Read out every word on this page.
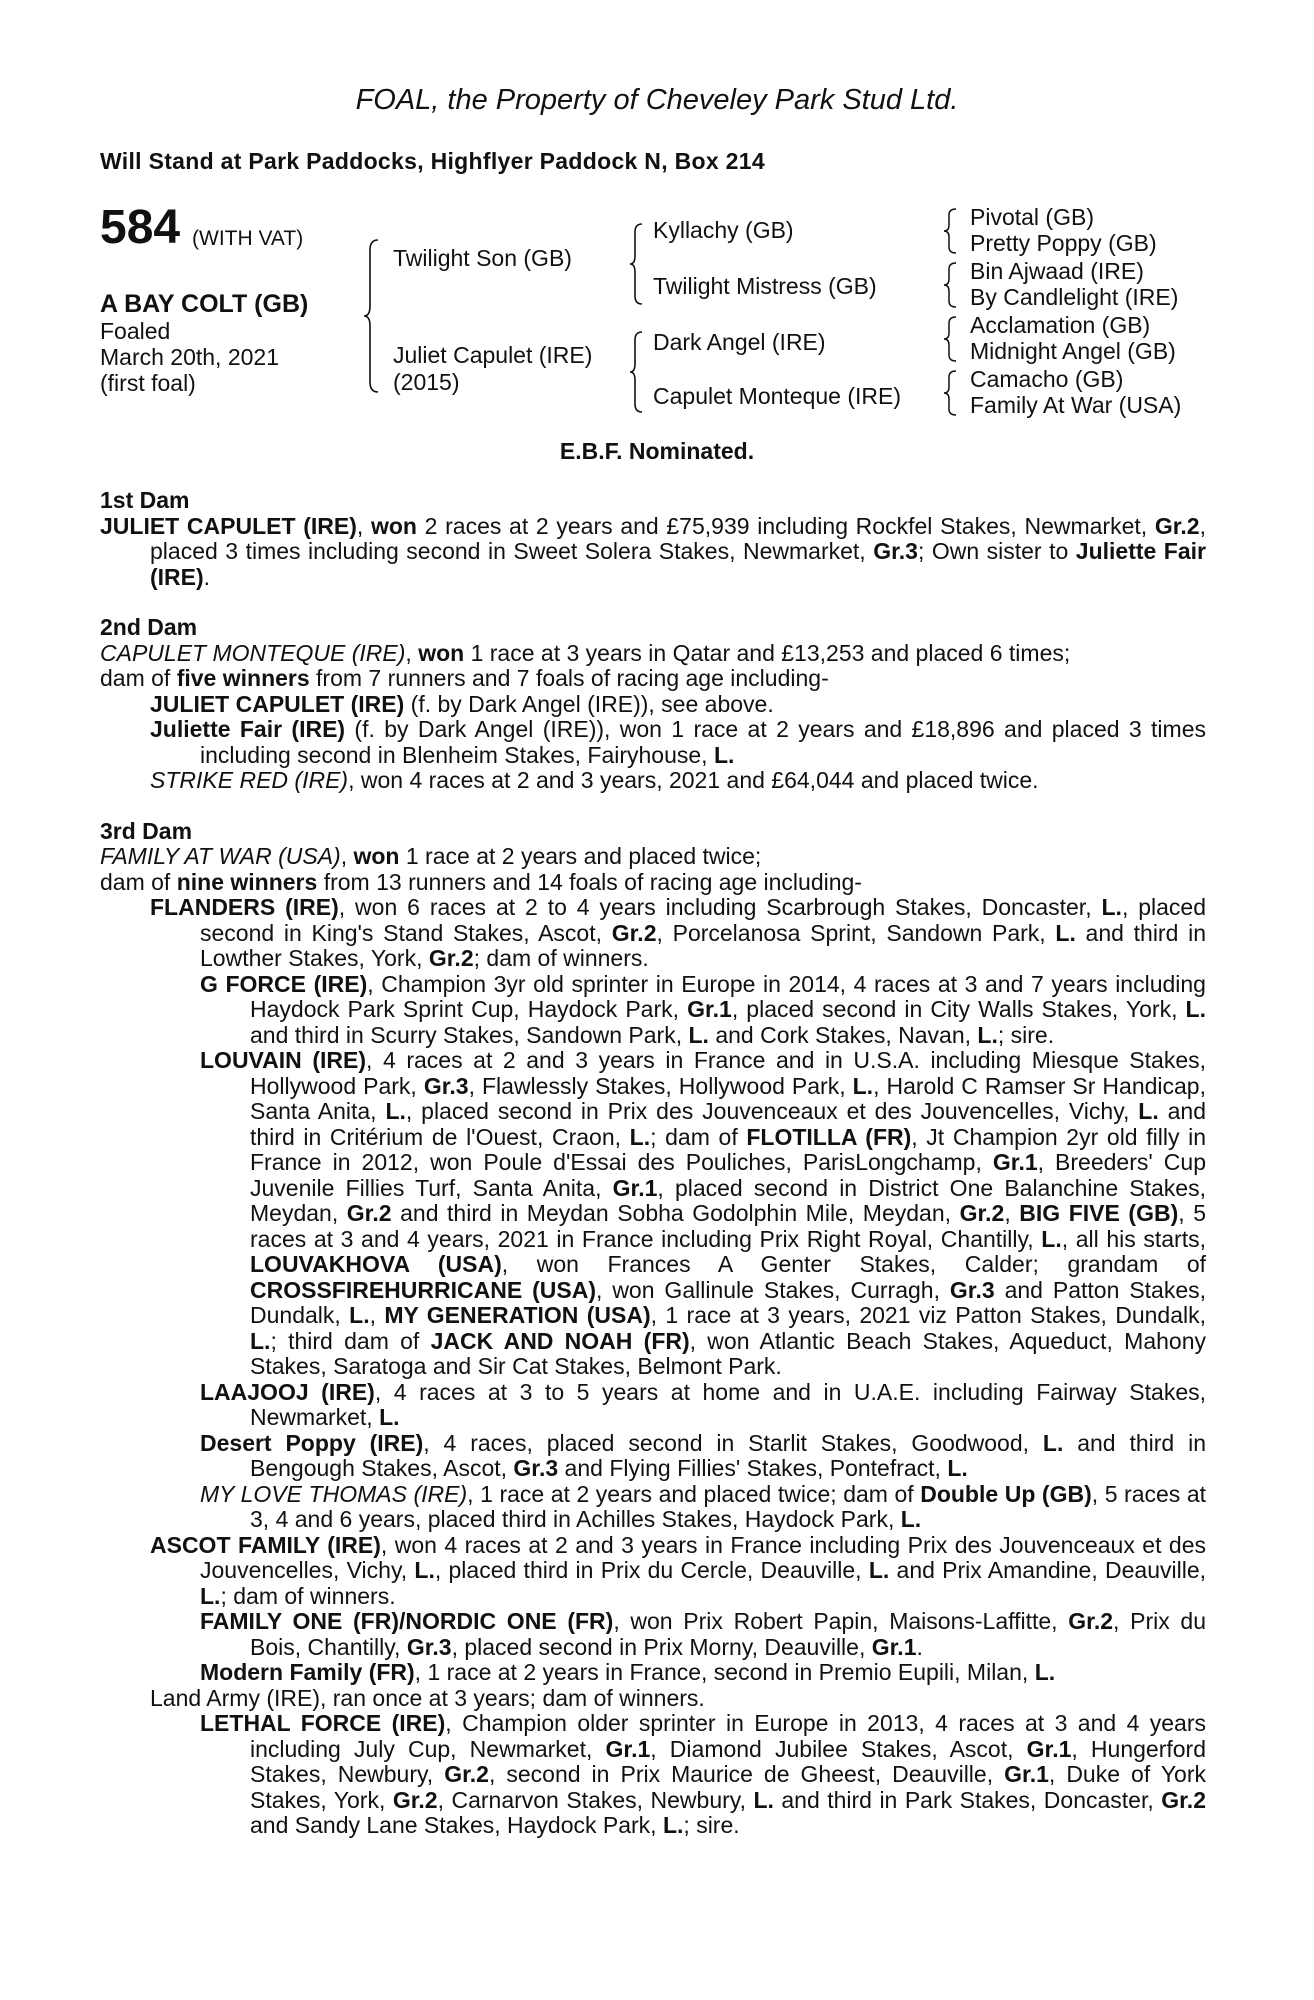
FOAL, the Property of Cheveley Park Stud Ltd.
Will Stand at Park Paddocks, Highflyer Paddock N, Box 214
584 (WITH VAT)
A BAY COLT (GB)
Foaled
March 20th, 2021
(first foal)
Twilight Son (GB)
Juliet Capulet (IRE)
(2015)
Kyllachy (GB)
Twilight Mistress (GB)
Dark Angel (IRE)
Capulet Monteque (IRE)
Pivotal (GB)
Pretty Poppy (GB)
Bin Ajwaad (IRE)
By Candlelight (IRE)
Acclamation (GB)
Midnight Angel (GB)
Camacho (GB)
Family At War (USA)
E.B.F. Nominated.

1st Dam

JULIET CAPULET (IRE), won 2 races at 2 years and £75,939 including Rockfel Stakes, Newmarket, Gr.2, placed 3 times including second in Sweet Solera Stakes, Newmarket, Gr.3; Own sister to Juliette Fair (IRE).

2nd Dam

CAPULET MONTEQUE (IRE), won 1 race at 3 years in Qatar and £13,253 and placed 6 times;

dam of five winners from 7 runners and 7 foals of racing age including-

JULIET CAPULET (IRE) (f. by Dark Angel (IRE)), see above.

Juliette Fair (IRE) (f. by Dark Angel (IRE)), won 1 race at 2 years and £18,896 and placed 3 times including second in Blenheim Stakes, Fairyhouse, L.

STRIKE RED (IRE), won 4 races at 2 and 3 years, 2021 and £64,044 and placed twice.

3rd Dam

FAMILY AT WAR (USA), won 1 race at 2 years and placed twice;

dam of nine winners from 13 runners and 14 foals of racing age including-

FLANDERS (IRE), won 6 races at 2 to 4 years including Scarbrough Stakes, Doncaster, L., placed second in King's Stand Stakes, Ascot, Gr.2, Porcelanosa Sprint, Sandown Park, L. and third in Lowther Stakes, York, Gr.2; dam of winners.

G FORCE (IRE), Champion 3yr old sprinter in Europe in 2014, 4 races at 3 and 7 years including Haydock Park Sprint Cup, Haydock Park, Gr.1, placed second in City Walls Stakes, York, L. and third in Scurry Stakes, Sandown Park, L. and Cork Stakes, Navan, L.; sire.

LOUVAIN (IRE), 4 races at 2 and 3 years in France and in U.S.A. including Miesque Stakes, Hollywood Park, Gr.3, Flawlessly Stakes, Hollywood Park, L., Harold C Ramser Sr Handicap, Santa Anita, L., placed second in Prix des Jouvenceaux et des Jouvencelles, Vichy, L. and third in Critérium de l'Ouest, Craon, L.; dam of FLOTILLA (FR), Jt Champion 2yr old filly in France in 2012, won Poule d'Essai des Pouliches, ParisLongchamp, Gr.1, Breeders' Cup Juvenile Fillies Turf, Santa Anita, Gr.1, placed second in District One Balanchine Stakes, Meydan, Gr.2 and third in Meydan Sobha Godolphin Mile, Meydan, Gr.2, BIG FIVE (GB), 5 races at 3 and 4 years, 2021 in France including Prix Right Royal, Chantilly, L., all his starts, LOUVAKHOVA (USA), won Frances A Genter Stakes, Calder; grandam of CROSSFIREHURRICANE (USA), won Gallinule Stakes, Curragh, Gr.3 and Patton Stakes, Dundalk, L., MY GENERATION (USA), 1 race at 3 years, 2021 viz Patton Stakes, Dundalk, L.; third dam of JACK AND NOAH (FR), won Atlantic Beach Stakes, Aqueduct, Mahony Stakes, Saratoga and Sir Cat Stakes, Belmont Park.

LAAJOOJ (IRE), 4 races at 3 to 5 years at home and in U.A.E. including Fairway Stakes, Newmarket, L.

Desert Poppy (IRE), 4 races, placed second in Starlit Stakes, Goodwood, L. and third in Bengough Stakes, Ascot, Gr.3 and Flying Fillies' Stakes, Pontefract, L.

MY LOVE THOMAS (IRE), 1 race at 2 years and placed twice; dam of Double Up (GB), 5 races at 3, 4 and 6 years, placed third in Achilles Stakes, Haydock Park, L.

ASCOT FAMILY (IRE), won 4 races at 2 and 3 years in France including Prix des Jouvenceaux et des Jouvencelles, Vichy, L., placed third in Prix du Cercle, Deauville, L. and Prix Amandine, Deauville, L.; dam of winners.

FAMILY ONE (FR)/NORDIC ONE (FR), won Prix Robert Papin, Maisons-Laffitte, Gr.2, Prix du Bois, Chantilly, Gr.3, placed second in Prix Morny, Deauville, Gr.1.

Modern Family (FR), 1 race at 2 years in France, second in Premio Eupili, Milan, L.

Land Army (IRE), ran once at 3 years; dam of winners.

LETHAL FORCE (IRE), Champion older sprinter in Europe in 2013, 4 races at 3 and 4 years including July Cup, Newmarket, Gr.1, Diamond Jubilee Stakes, Ascot, Gr.1, Hungerford Stakes, Newbury, Gr.2, second in Prix Maurice de Gheest, Deauville, Gr.1, Duke of York Stakes, York, Gr.2, Carnarvon Stakes, Newbury, L. and third in Park Stakes, Doncaster, Gr.2 and Sandy Lane Stakes, Haydock Park, L.; sire.
